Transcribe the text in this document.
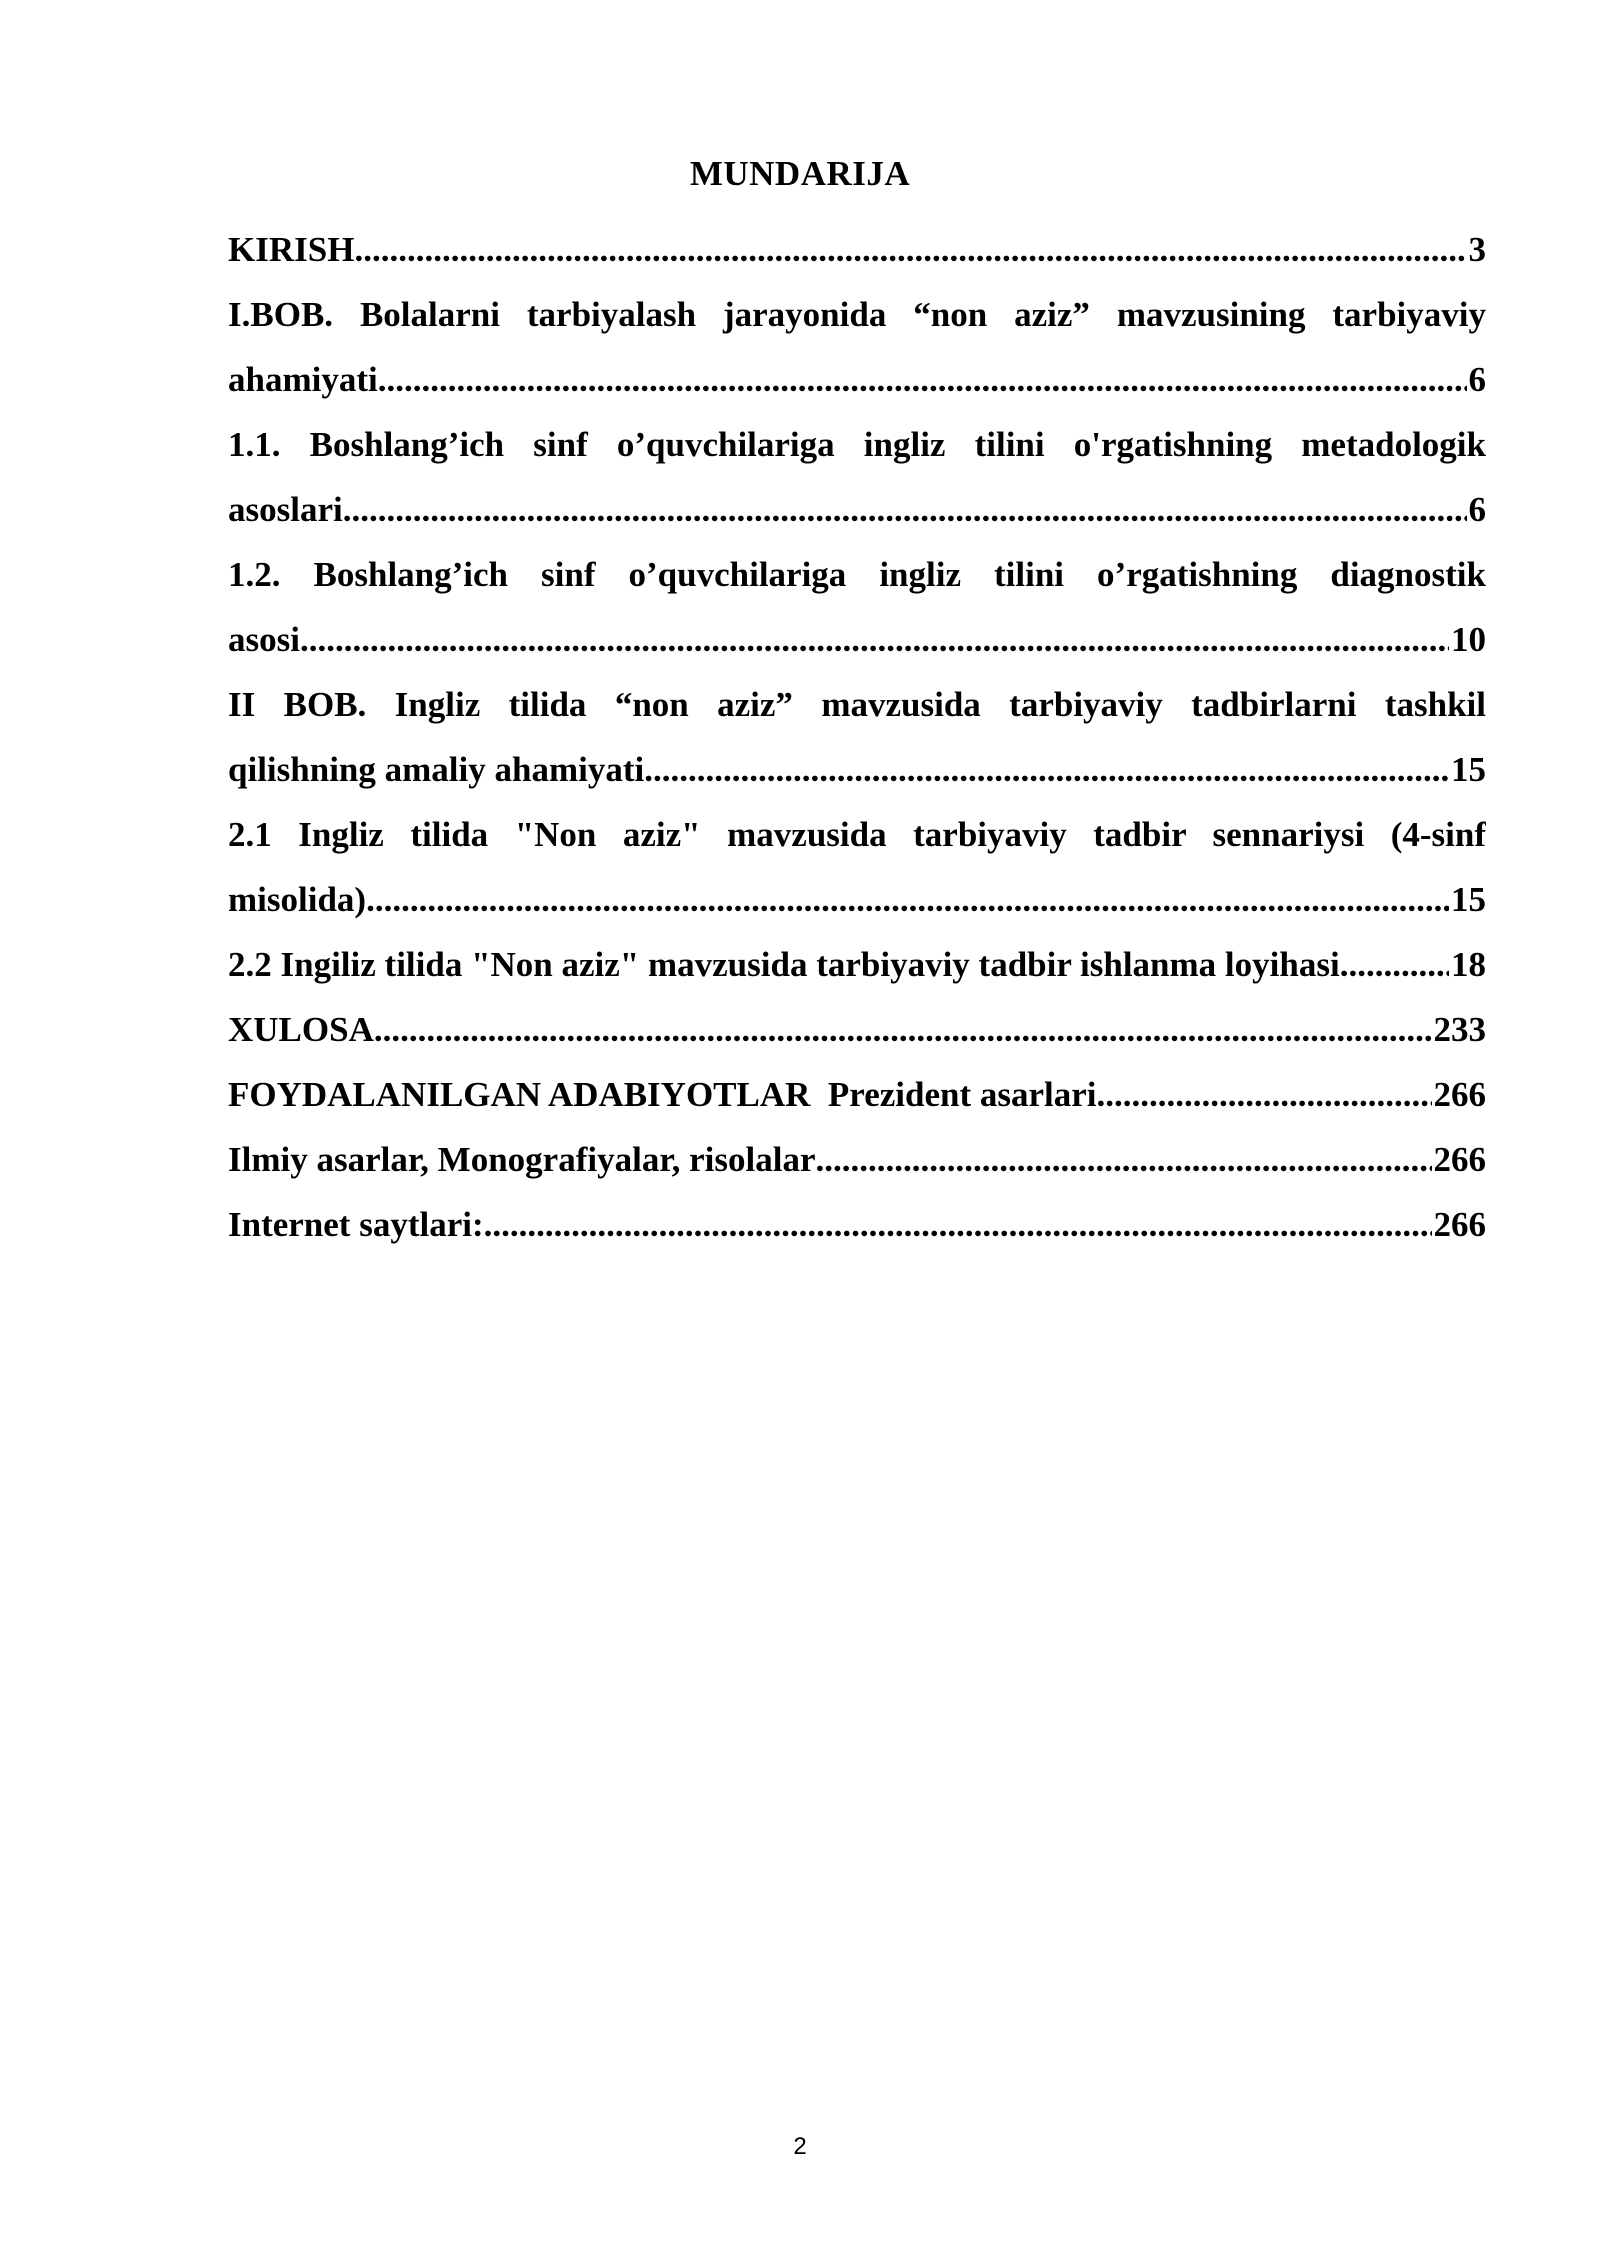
MUNDARIJA
KIRISH .....	3
I.BOB. Bolalarni tarbiyalash jarayonida “non aziz” mavzusining tarbiyaviy
ahamiyati .....	6
1.1. Boshlang’ich sinf o’quvchilariga ingliz tilini o'rgatishning metadologik
asoslari .....	6
1.2. Boshlang’ich sinf o’quvchilariga ingliz tilini o’rgatishning diagnostik
asosi .....	10
II BOB. Ingliz tilida “non aziz” mavzusida tarbiyaviy tadbirlarni tashkil
qilishning amaliy ahamiyati .....	15
2.1 Ingliz tilida "Non aziz" mavzusida tarbiyaviy tadbir sennariysi (4-sinf
misolida) .....	15
2.2 Ingiliz tilida "Non aziz" mavzusida tarbiyaviy tadbir ishlanma loyihasi .....	18
XULOSA .....	233
FOYDALANILGAN ADABIYOTLAR  Prezident asarlari .....	266
Ilmiy asarlar, Monografiyalar, risolalar .....	266
Internet saytlari: .....	266
2
